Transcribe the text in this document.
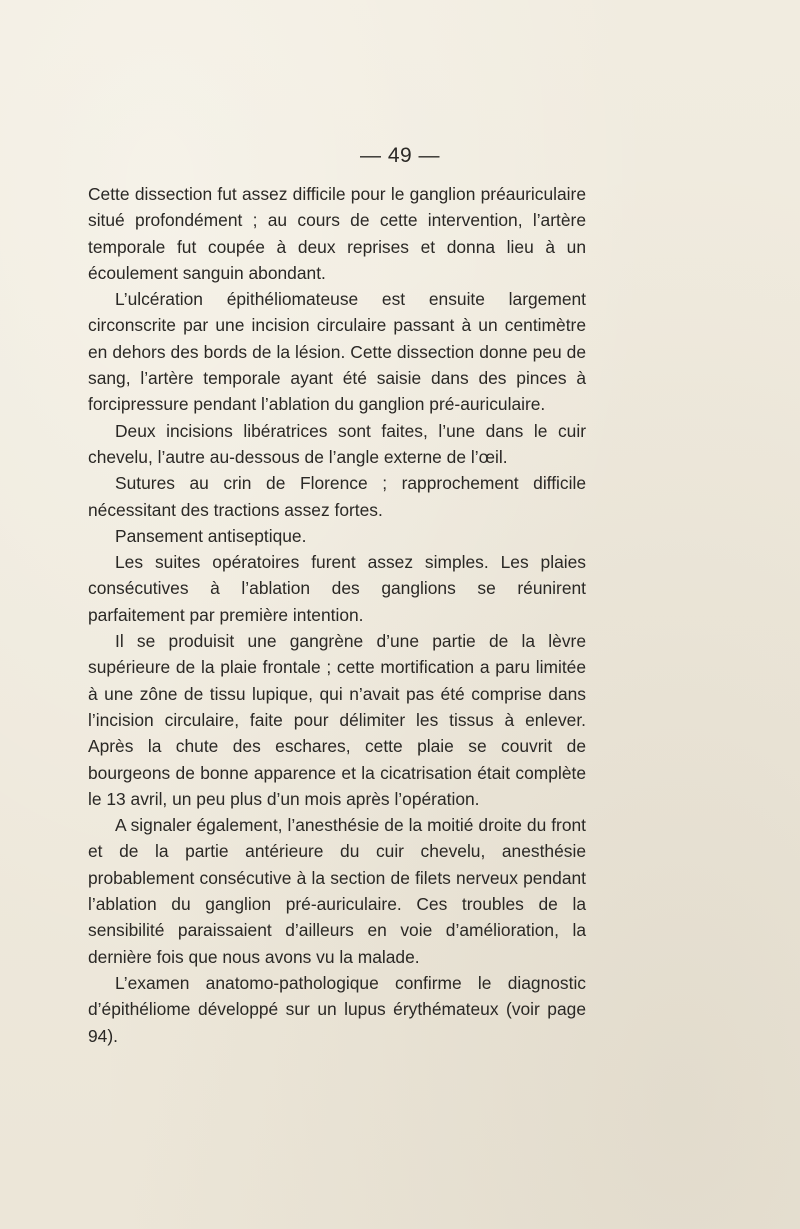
— 49 —

Cette dissection fut assez difficile pour le ganglion préauriculaire situé profondément ; au cours de cette intervention, l’artère temporale fut coupée à deux reprises et donna lieu à un écoulement sanguin abondant.

L’ulcération épithéliomateuse est ensuite largement circonscrite par une incision circulaire passant à un centimètre en dehors des bords de la lésion. Cette dissection donne peu de sang, l’artère temporale ayant été saisie dans des pinces à forcipressure pendant l’ablation du ganglion pré-auriculaire.

Deux incisions libératrices sont faites, l’une dans le cuir chevelu, l’autre au-dessous de l’angle externe de l’œil.

Sutures au crin de Florence ; rapprochement difficile nécessitant des tractions assez fortes.

Pansement antiseptique.

Les suites opératoires furent assez simples. Les plaies consécutives à l’ablation des ganglions se réunirent parfaitement par première intention.

Il se produisit une gangrène d’une partie de la lèvre supérieure de la plaie frontale ; cette mortification a paru limitée à une zône de tissu lupique, qui n’avait pas été comprise dans l’incision circulaire, faite pour délimiter les tissus à enlever. Après la chute des eschares, cette plaie se couvrit de bourgeons de bonne apparence et la cicatrisation était complète le 13 avril, un peu plus d’un mois après l’opération.

A signaler également, l’anesthésie de la moitié droite du front et de la partie antérieure du cuir chevelu, anesthésie probablement consécutive à la section de filets nerveux pendant l’ablation du ganglion pré-auriculaire. Ces troubles de la sensibilité paraissaient d’ailleurs en voie d’amélioration, la dernière fois que nous avons vu la malade.

L’examen anatomo-pathologique confirme le diagnostic d’épithéliome développé sur un lupus érythémateux (voir page 94).
